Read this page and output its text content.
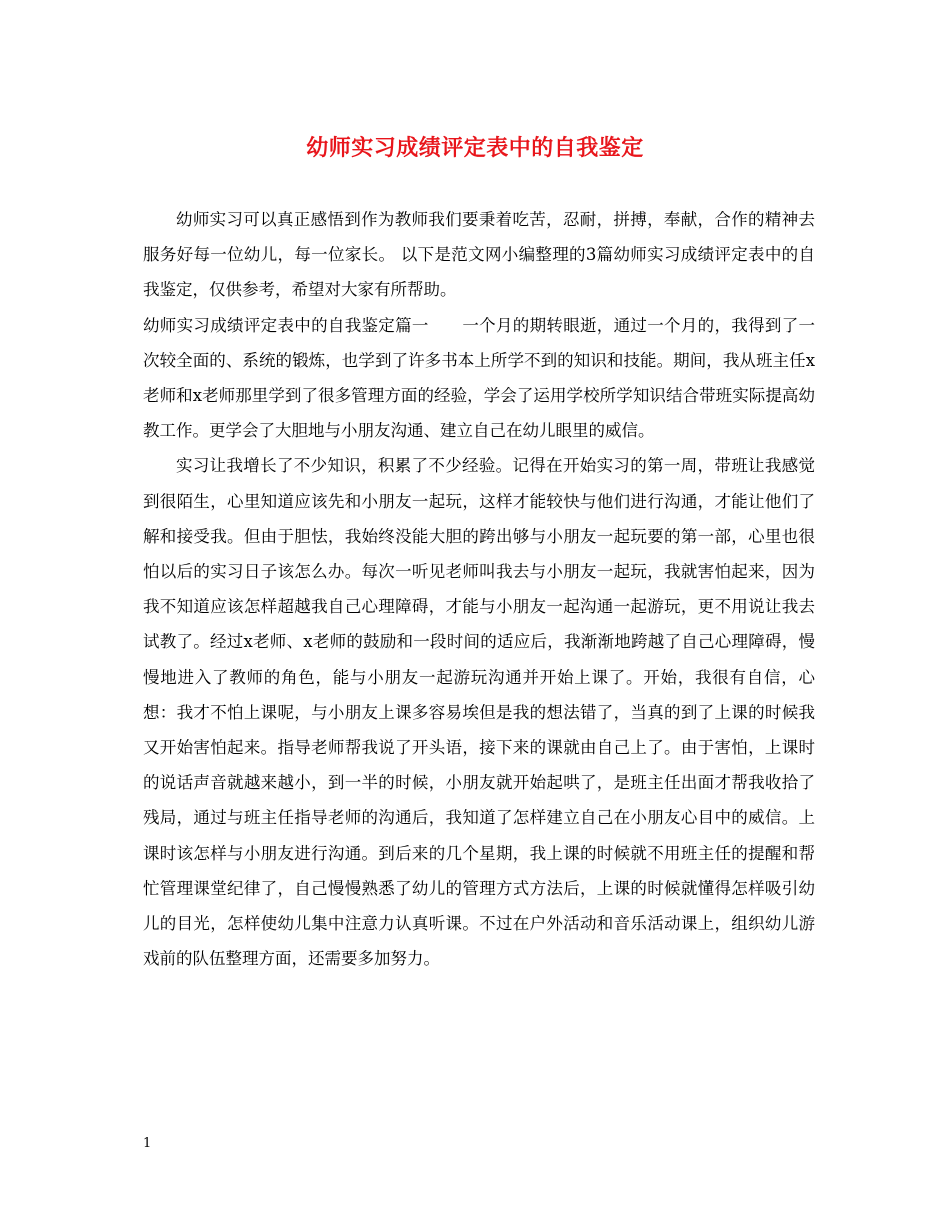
幼师实习成绩评定表中的自我鉴定

幼师实习可以真正感悟到作为教师我们要秉着吃苦，忍耐，拼搏，奉献，合作的精神去服务好每一位幼儿，每一位家长。 以下是范文网小编整理的3篇幼师实习成绩评定表中的自我鉴定，仅供参考，希望对大家有所帮助。

幼师实习成绩评定表中的自我鉴定篇一　　一个月的期转眼逝，通过一个月的，我得到了一次较全面的、系统的锻炼，也学到了许多书本上所学不到的知识和技能。期间，我从班主任x老师和x老师那里学到了很多管理方面的经验，学会了运用学校所学知识结合带班实际提高幼教工作。更学会了大胆地与小朋友沟通、建立自己在幼儿眼里的威信。

实习让我增长了不少知识，积累了不少经验。记得在开始实习的第一周，带班让我感觉到很陌生，心里知道应该先和小朋友一起玩，这样才能较快与他们进行沟通，才能让他们了解和接受我。但由于胆怯，我始终没能大胆的跨出够与小朋友一起玩要的第一部，心里也很怕以后的实习日子该怎么办。每次一听见老师叫我去与小朋友一起玩，我就害怕起来，因为我不知道应该怎样超越我自己心理障碍，才能与小朋友一起沟通一起游玩，更不用说让我去试教了。经过x老师、x老师的鼓励和一段时间的适应后，我渐渐地跨越了自己心理障碍，慢慢地进入了教师的角色，能与小朋友一起游玩沟通并开始上课了。开始，我很有自信，心想：我才不怕上课呢，与小朋友上课多容易埃但是我的想法错了，当真的到了上课的时候我又开始害怕起来。指导老师帮我说了开头语，接下来的课就由自己上了。由于害怕，上课时的说话声音就越来越小，到一半的时候，小朋友就开始起哄了，是班主任出面才帮我收拾了残局，通过与班主任指导老师的沟通后，我知道了怎样建立自己在小朋友心目中的威信。上课时该怎样与小朋友进行沟通。到后来的几个星期，我上课的时候就不用班主任的提醒和帮忙管理课堂纪律了，自己慢慢熟悉了幼儿的管理方式方法后，上课的时候就懂得怎样吸引幼儿的目光，怎样使幼儿集中注意力认真听课。不过在户外活动和音乐活动课上，组织幼儿游戏前的队伍整理方面，还需要多加努力。

1
